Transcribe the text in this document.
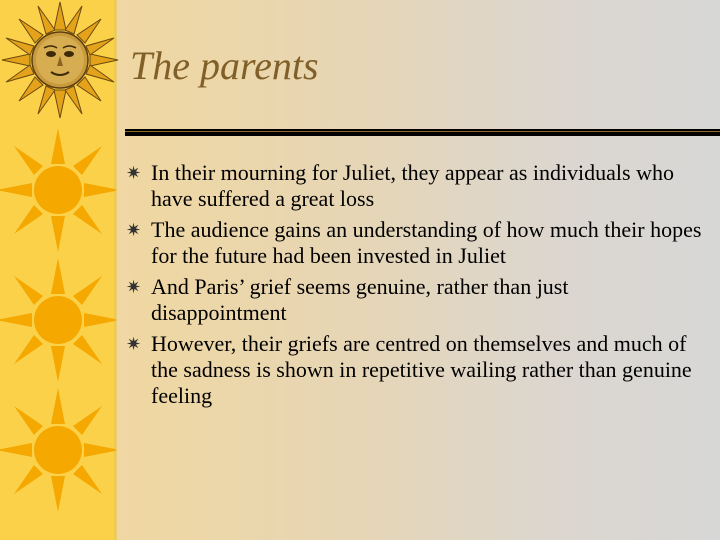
The parents
✷ In their mourning for Juliet, they appear as individuals who have suffered a great loss
✷ The audience gains an understanding of how much their hopes for the future had been invested in Juliet
✷ And Paris’ grief seems genuine, rather than just disappointment
✷ However, their griefs are centred on themselves and much of the sadness is shown in repetitive wailing rather than genuine feeling
